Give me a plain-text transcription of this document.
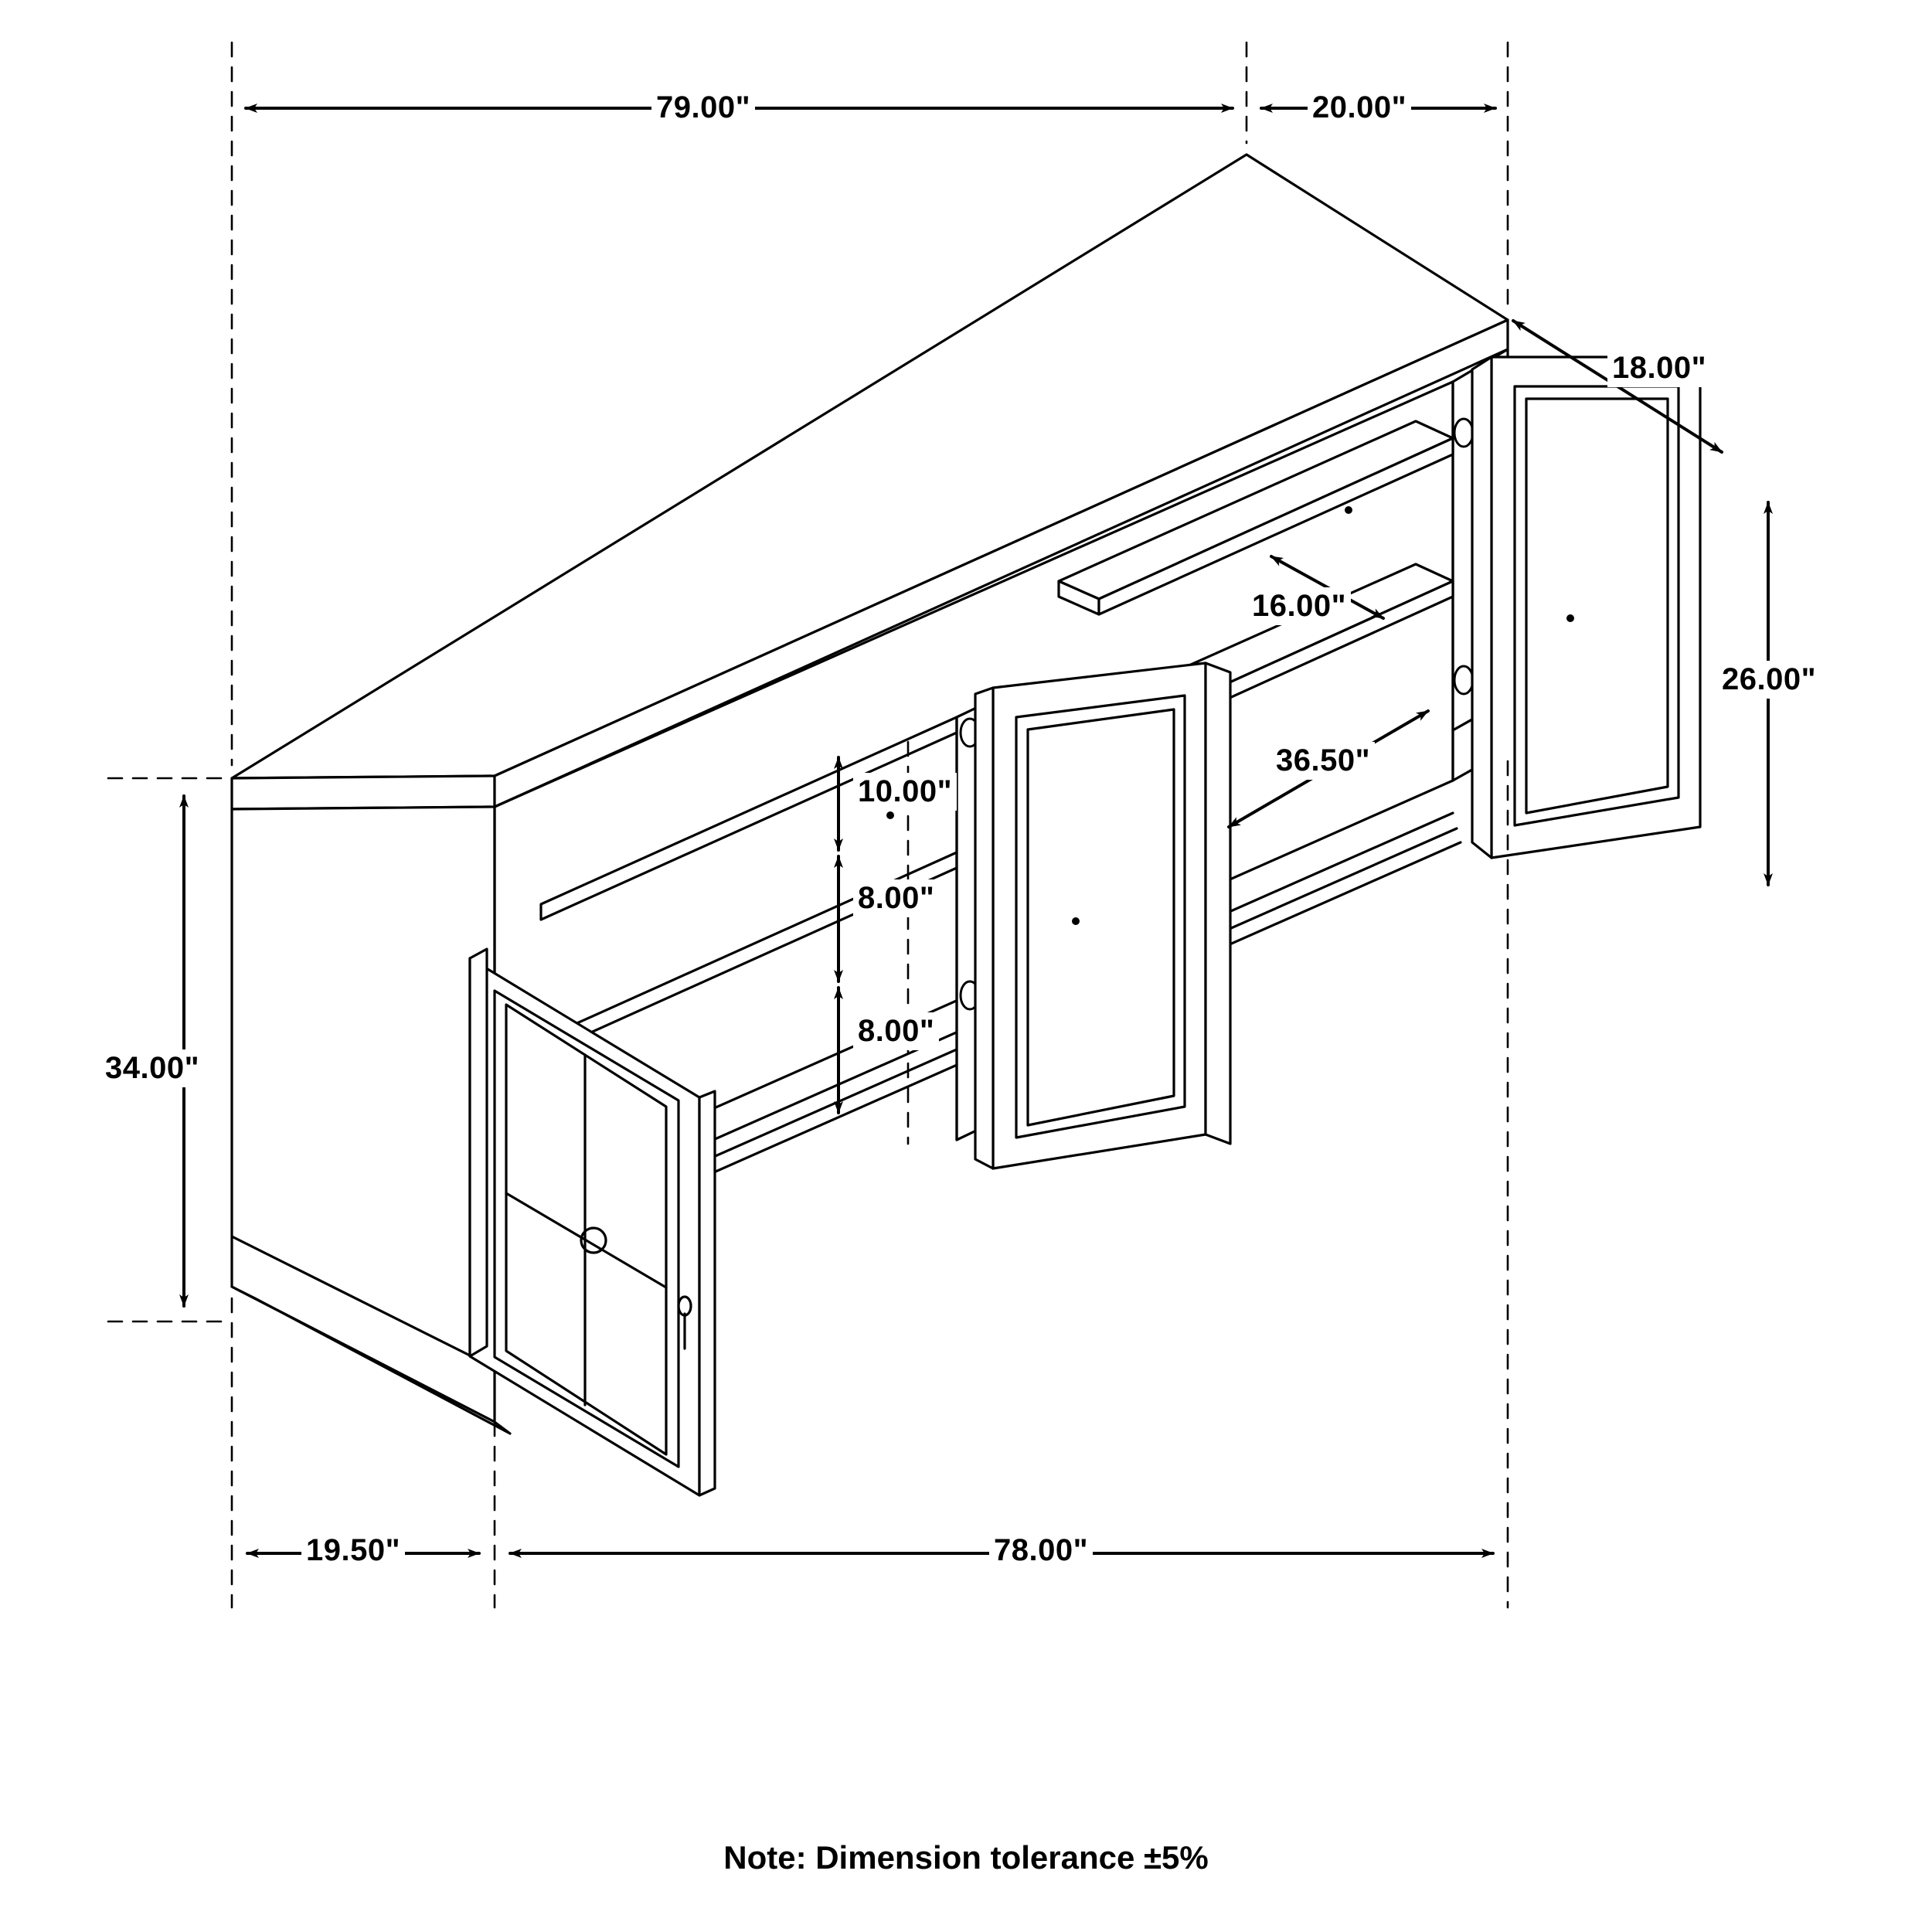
79.00"	20.00"
18.00"
26.00"
16.00"
36.50"
10.00"
8.00"
8.00"
34.00"
19.50"	78.00"
Note: Dimension tolerance ±5%
